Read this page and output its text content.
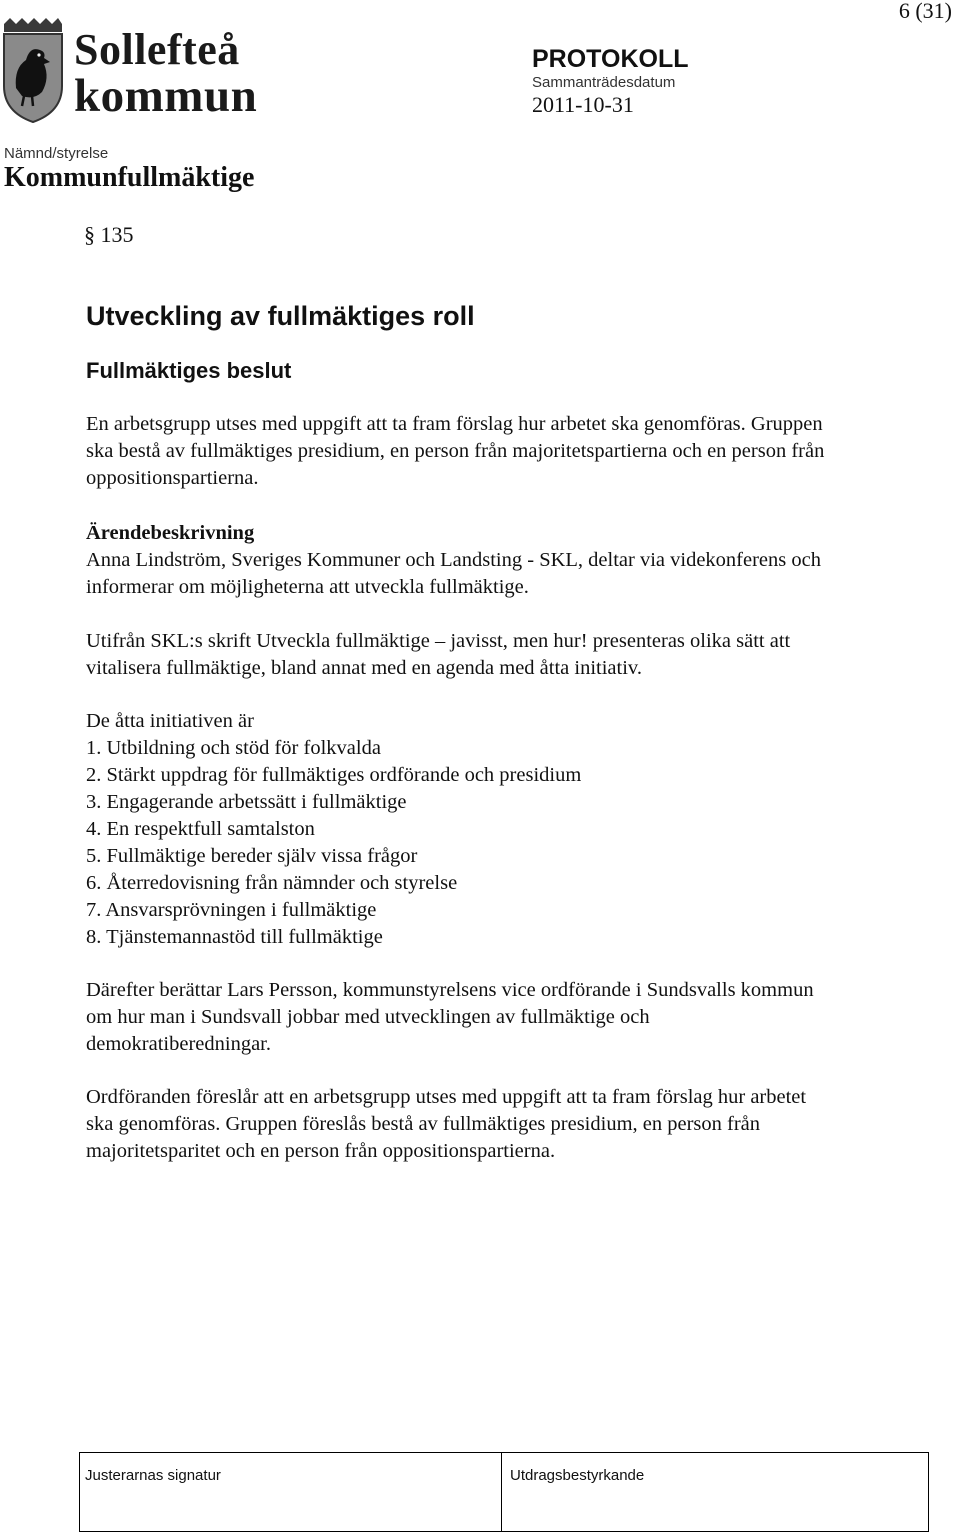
6 (31)
Sollefteå
kommun
PROTOKOLL
Sammanträdesdatum
2011-10-31
Nämnd/styrelse
Kommunfullmäktige
§ 135
Utveckling av fullmäktiges roll
Fullmäktiges beslut
En arbetsgrupp utses med uppgift att ta fram förslag hur arbetet ska genomföras. Gruppen
ska bestå av fullmäktiges presidium, en person från majoritetspartierna och en person från
oppositionspartierna.
Ärendebeskrivning
Anna Lindström, Sveriges Kommuner och Landsting - SKL, deltar via videkonferens och
informerar om möjligheterna att utveckla fullmäktige.
Utifrån SKL:s skrift Utveckla fullmäktige – javisst, men hur! presenteras olika sätt att
vitalisera fullmäktige, bland annat med en agenda med åtta initiativ.
De åtta initiativen är
1. Utbildning och stöd för folkvalda
2. Stärkt uppdrag för fullmäktiges ordförande och presidium
3. Engagerande arbetssätt i fullmäktige
4. En respektfull samtalston
5. Fullmäktige bereder själv vissa frågor
6. Återredovisning från nämnder och styrelse
7. Ansvarsprövningen i fullmäktige
8. Tjänstemannastöd till fullmäktige
Därefter berättar Lars Persson, kommunstyrelsens vice ordförande i Sundsvalls kommun
om hur man i Sundsvall jobbar med utvecklingen av fullmäktige och
demokratiberedningar.
Ordföranden föreslår att en arbetsgrupp utses med uppgift att ta fram förslag hur arbetet
ska genomföras. Gruppen föreslås bestå av fullmäktiges presidium, en person från
majoritetsparitet och en person från oppositionspartierna.
Justerarnas signatur	Utdragsbestyrkande
